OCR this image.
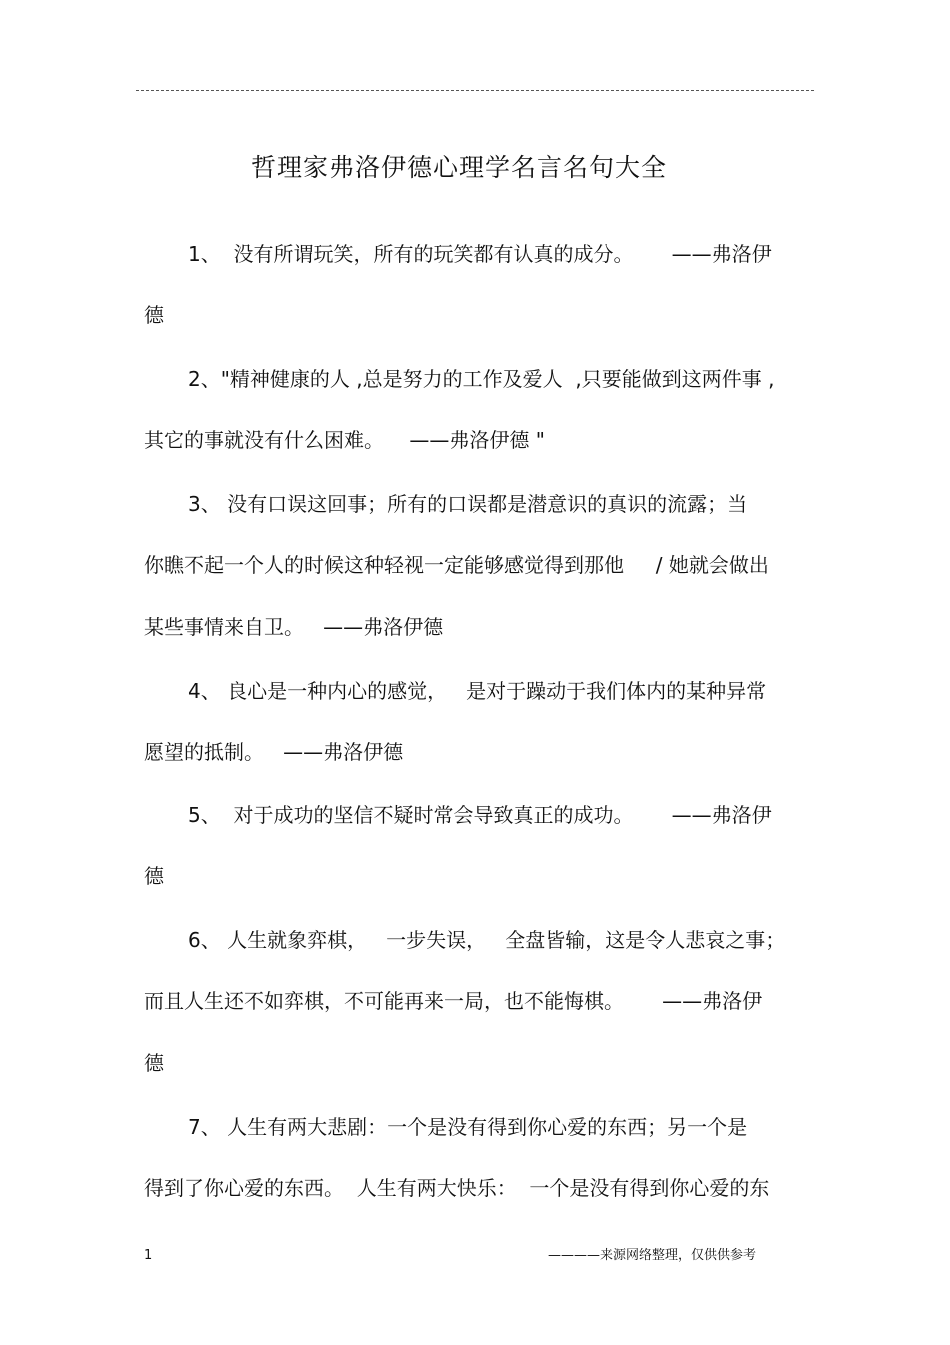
哲理家弗洛伊德心理学名言名句大全

1、  没有所谓玩笑，所有的玩笑都有认真的成分。      ——弗洛伊

德

2、"精神健康的人 ,总是努力的工作及爱人  ,只要能做到这两件事 ,

其它的事就没有什么困难。    ——弗洛伊德 "

3、 没有口误这回事；所有的口误都是潜意识的真识的流露；当

你瞧不起一个人的时候这种轻视一定能够感觉得到那他     / 她就会做出

某些事情来自卫。   ——弗洛伊德

4、 良心是一种内心的感觉，   是对于躁动于我们体内的某种异常

愿望的抵制。   ——弗洛伊德

5、  对于成功的坚信不疑时常会导致真正的成功。      ——弗洛伊

德

6、 人生就象弈棋，   一步失误，   全盘皆输，这是令人悲哀之事；

而且人生还不如弈棋，不可能再来一局，也不能悔棋。      ——弗洛伊

德

7、 人生有两大悲剧：一个是没有得到你心爱的东西；另一个是

得到了你心爱的东西。  人生有两大快乐：  一个是没有得到你心爱的东

1	————来源网络整理，仅供供参考
